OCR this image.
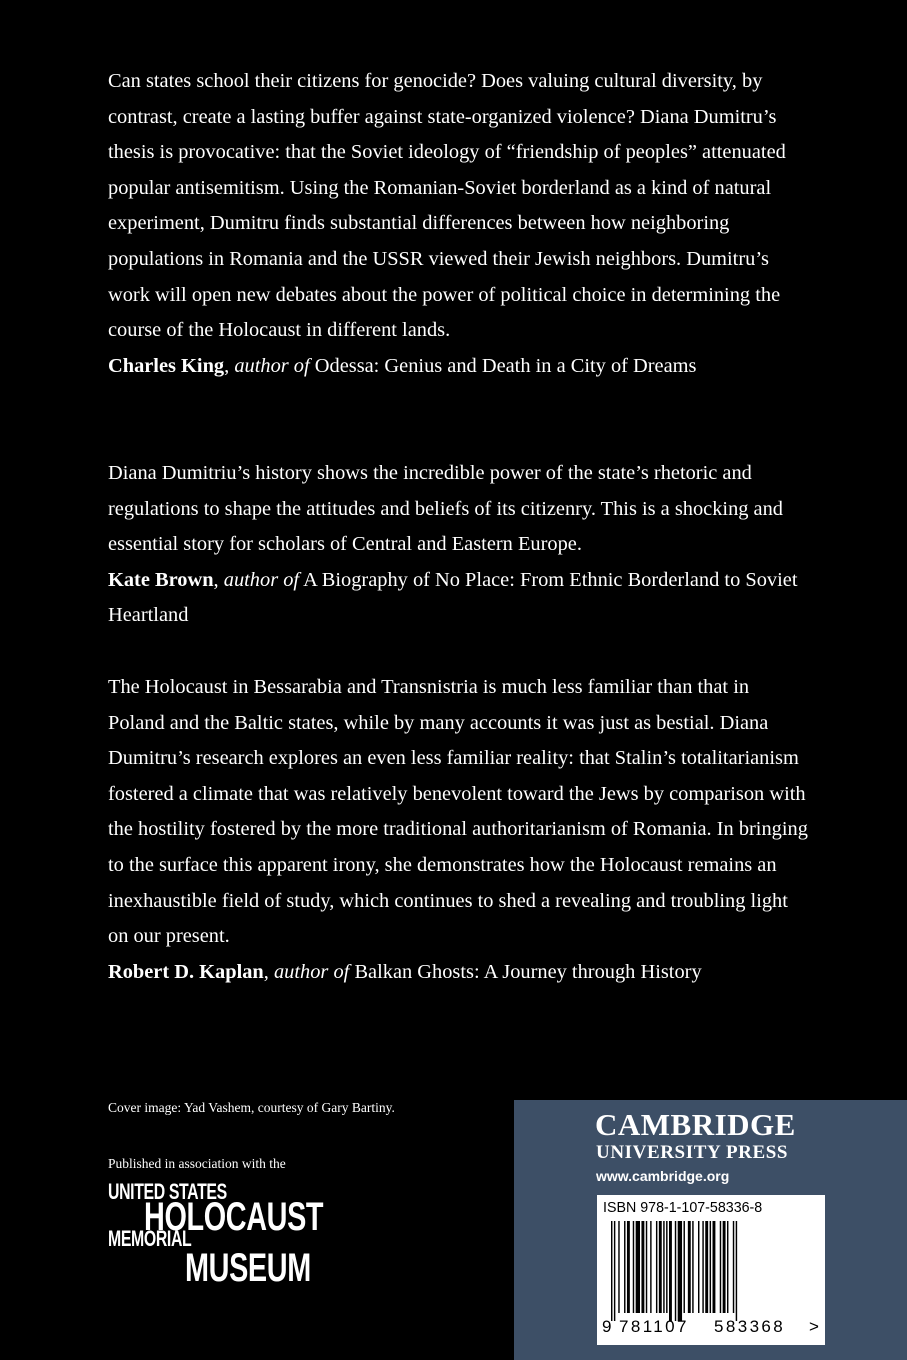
Can states school their citizens for genocide? Does valuing cultural diversity, by contrast, create a lasting buffer against state-organized violence? Diana Dumitru’s thesis is provocative: that the Soviet ideology of “friendship of peoples” attenuated popular antisemitism. Using the Romanian-Soviet borderland as a kind of natural experiment, Dumitru finds substantial differences between how neighboring populations in Romania and the USSR viewed their Jewish neighbors. Dumitru’s work will open new debates about the power of political choice in determining the course of the Holocaust in different lands.

Charles King, author of Odessa: Genius and Death in a City of Dreams

Diana Dumitriu’s history shows the incredible power of the state’s rhetoric and regulations to shape the attitudes and beliefs of its citizenry. This is a shocking and essential story for scholars of Central and Eastern Europe.

Kate Brown, author of A Biography of No Place: From Ethnic Borderland to Soviet Heartland

The Holocaust in Bessarabia and Transnistria is much less familiar than that in Poland and the Baltic states, while by many accounts it was just as bestial. Diana Dumitru’s research explores an even less familiar reality: that Stalin’s totalitarianism fostered a climate that was relatively benevolent toward the Jews by comparison with the hostility fostered by the more traditional authoritarianism of Romania. In bringing to the surface this apparent irony, she demonstrates how the Holocaust remains an inexhaustible field of study, which continues to shed a revealing and troubling light on our present.

Robert D. Kaplan, author of Balkan Ghosts: A Journey through History

Cover image: Yad Vashem, courtesy of Gary Bartiny.
Published in association with the
UNITED STATES
HOLOCAUST
MEMORIAL
MUSEUM
CAMBRIDGE
UNIVERSITY PRESS
www.cambridge.org
ISBN 978-1-107-58336-8
9 781107 583368 >
